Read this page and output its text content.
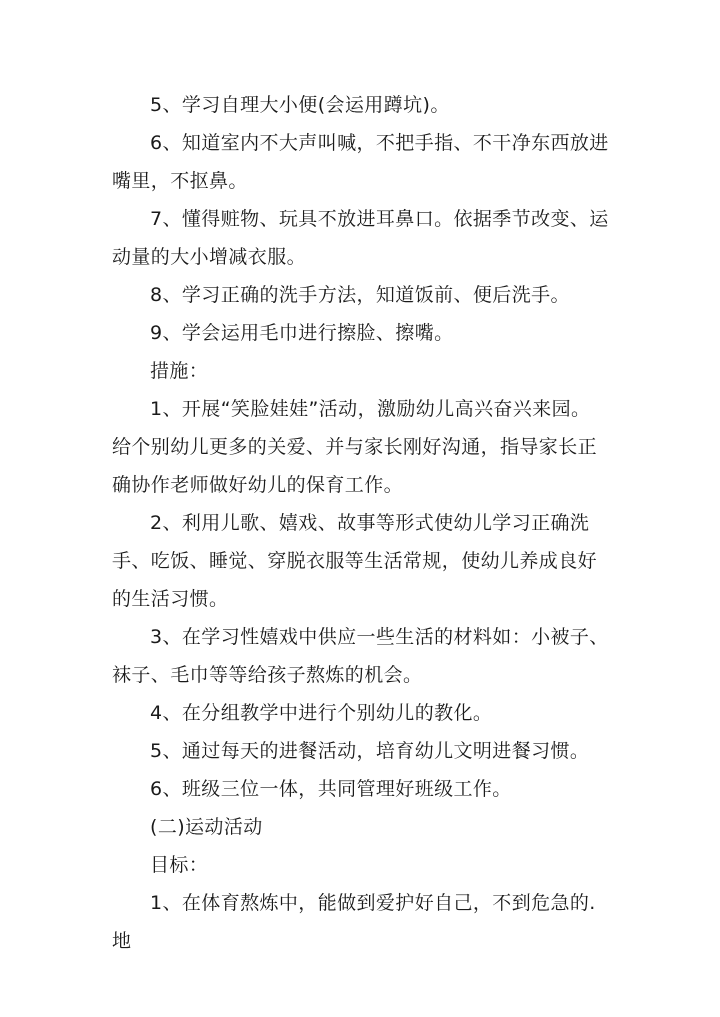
5、学习自理大小便(会运用蹲坑)。

6、知道室内不大声叫喊，不把手指、不干净东西放进嘴里，不抠鼻。

7、懂得赃物、玩具不放进耳鼻口。依据季节改变、运动量的大小增减衣服。

8、学习正确的洗手方法，知道饭前、便后洗手。

9、学会运用毛巾进行擦脸、擦嘴。

措施：

1、开展“笑脸娃娃”活动，激励幼儿高兴奋兴来园。

给个别幼儿更多的关爱、并与家长刚好沟通，指导家长正确协作老师做好幼儿的保育工作。

2、利用儿歌、嬉戏、故事等形式使幼儿学习正确洗手、吃饭、睡觉、穿脱衣服等生活常规，使幼儿养成良好的生活习惯。

3、在学习性嬉戏中供应一些生活的材料如：小被子、袜子、毛巾等等给孩子熬炼的机会。

4、在分组教学中进行个别幼儿的教化。

5、通过每天的进餐活动，培育幼儿文明进餐习惯。

6、班级三位一体，共同管理好班级工作。

(二)运动活动

目标：

1、在体育熬炼中，能做到爱护好自己，不到危急的.地
